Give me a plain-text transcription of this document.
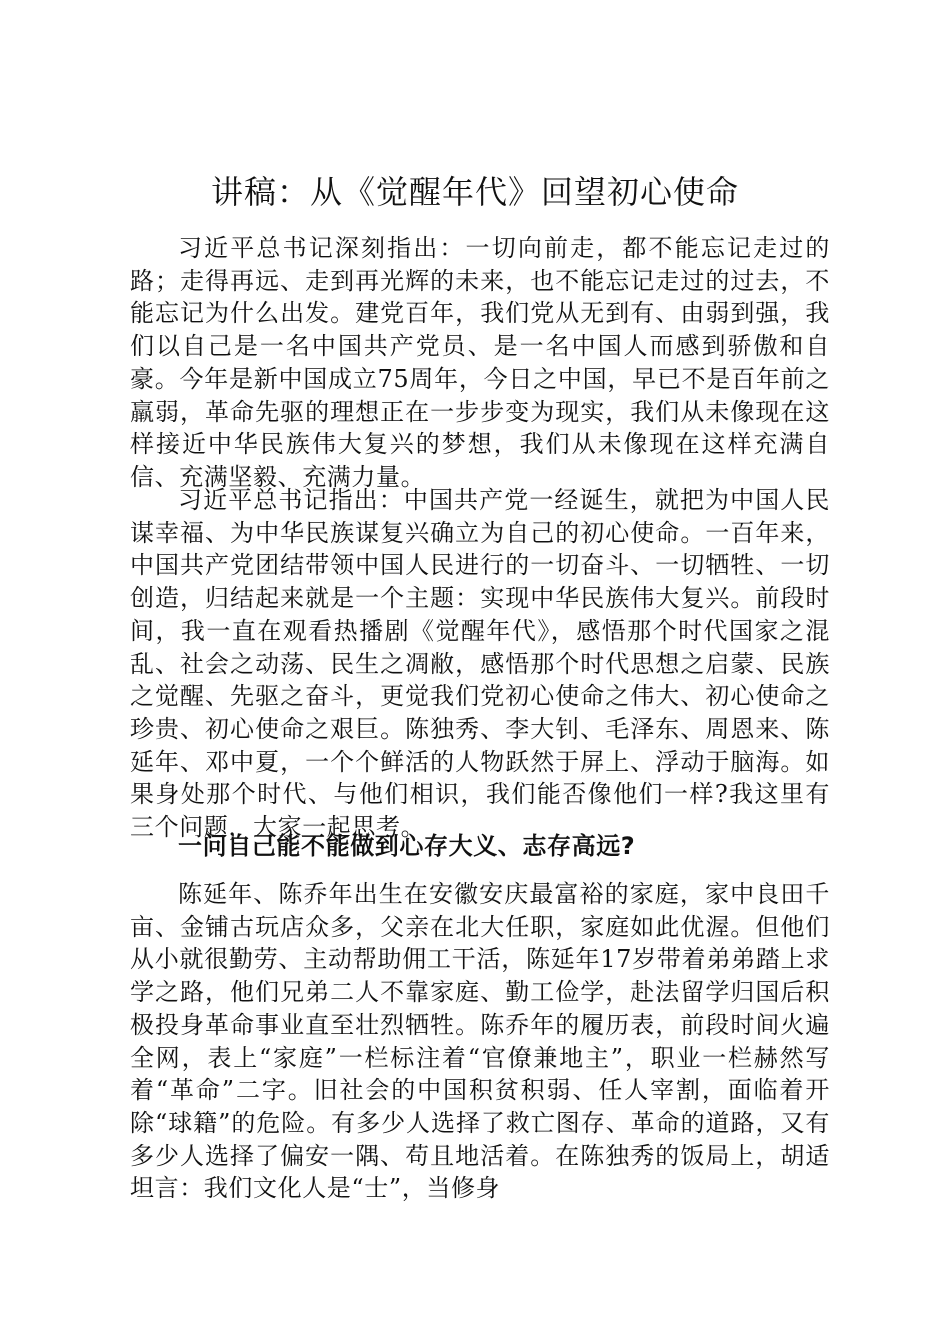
讲稿：从《觉醒年代》回望初心使命

习近平总书记深刻指出：一切向前走，都不能忘记走过的路；走得再远、走到再光辉的未来，也不能忘记走过的过去，不能忘记为什么出发。建党百年，我们党从无到有、由弱到强，我们以自己是一名中国共产党员、是一名中国人而感到骄傲和自豪。今年是新中国成立75周年，今日之中国，早已不是百年前之羸弱，革命先驱的理想正在一步步变为现实，我们从未像现在这样接近中华民族伟大复兴的梦想，我们从未像现在这样充满自信、充满坚毅、充满力量。

习近平总书记指出：中国共产党一经诞生，就把为中国人民谋幸福、为中华民族谋复兴确立为自己的初心使命。一百年来，中国共产党团结带领中国人民进行的一切奋斗、一切牺牲、一切创造，归结起来就是一个主题：实现中华民族伟大复兴。前段时间，我一直在观看热播剧《觉醒年代》，感悟那个时代国家之混乱、社会之动荡、民生之凋敝，感悟那个时代思想之启蒙、民族之觉醒、先驱之奋斗，更觉我们党初心使命之伟大、初心使命之珍贵、初心使命之艰巨。陈独秀、李大钊、毛泽东、周恩来、陈延年、邓中夏，一个个鲜活的人物跃然于屏上、浮动于脑海。如果身处那个时代、与他们相识，我们能否像他们一样?我这里有三个问题，大家一起思考。

一问自己能不能做到心存大义、志存高远?

陈延年、陈乔年出生在安徽安庆最富裕的家庭，家中良田千亩、金铺古玩店众多，父亲在北大任职，家庭如此优渥。但他们从小就很勤劳、主动帮助佣工干活，陈延年17岁带着弟弟踏上求学之路，他们兄弟二人不靠家庭、勤工俭学，赴法留学归国后积极投身革命事业直至壮烈牺牲。陈乔年的履历表，前段时间火遍全网，表上“家庭”一栏标注着“官僚兼地主”，职业一栏赫然写着“革命”二字。旧社会的中国积贫积弱、任人宰割，面临着开除“球籍”的危险。有多少人选择了救亡图存、革命的道路，又有多少人选择了偏安一隅、苟且地活着。在陈独秀的饭局上，胡适坦言：我们文化人是“士”，当修身
